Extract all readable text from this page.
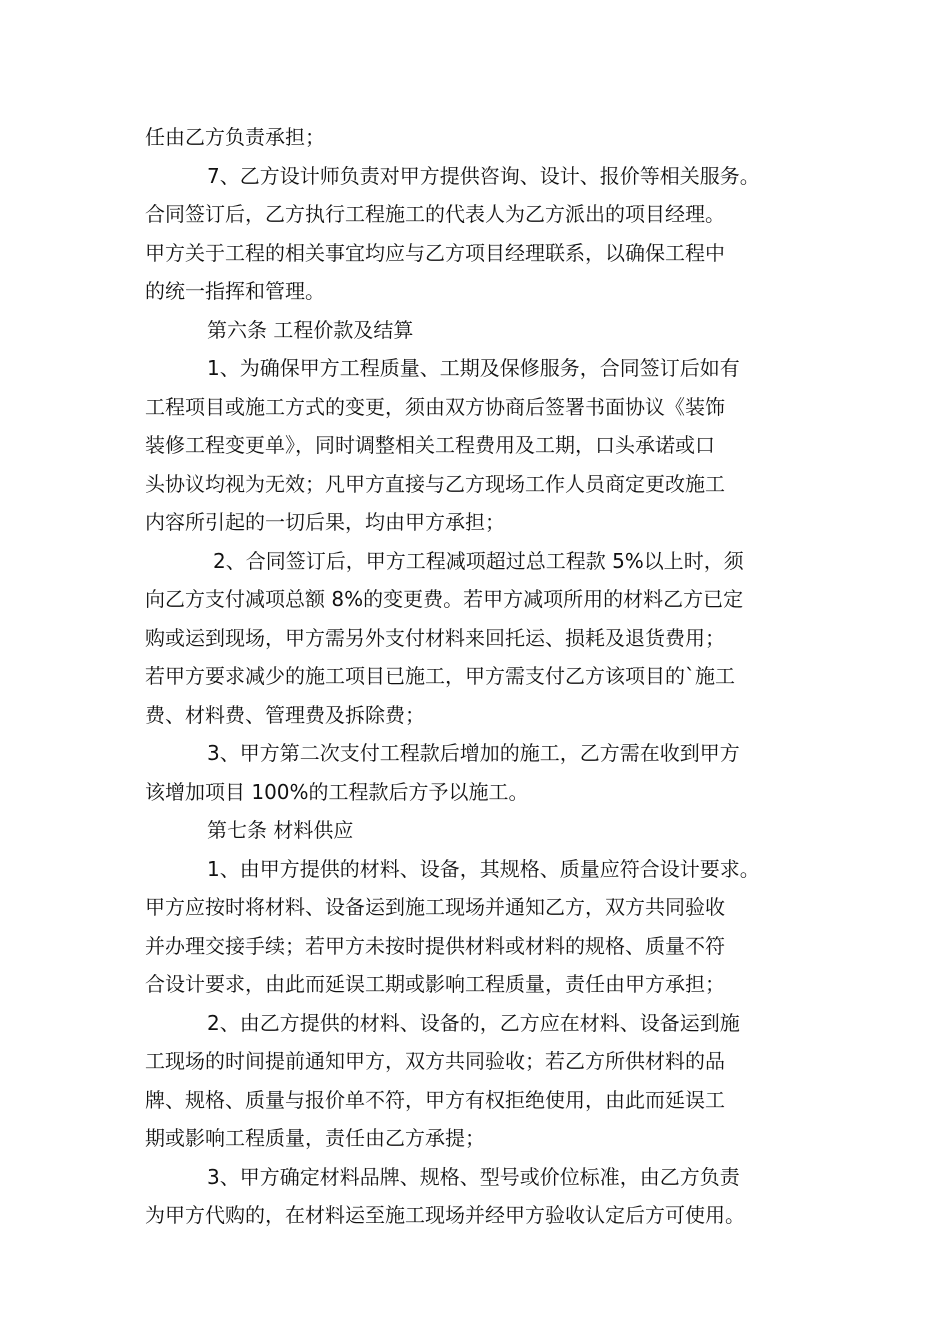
任由乙方负责承担；
7、乙方设计师负责对甲方提供咨询、设计、报价等相关服务。
合同签订后，乙方执行工程施工的代表人为乙方派出的项目经理。
甲方关于工程的相关事宜均应与乙方项目经理联系，以确保工程中
的统一指挥和管理。
第六条 工程价款及结算
1、为确保甲方工程质量、工期及保修服务，合同签订后如有
工程项目或施工方式的变更，须由双方协商后签署书面协议《装饰
装修工程变更单》，同时调整相关工程费用及工期，口头承诺或口
头协议均视为无效；凡甲方直接与乙方现场工作人员商定更改施工
内容所引起的一切后果，均由甲方承担；
2、合同签订后，甲方工程减项超过总工程款 5%以上时，须
向乙方支付减项总额 8%的变更费。若甲方减项所用的材料乙方已定
购或运到现场，甲方需另外支付材料来回托运、损耗及退货费用；
若甲方要求减少的施工项目已施工，甲方需支付乙方该项目的`施工
费、材料费、管理费及拆除费；
3、甲方第二次支付工程款后增加的施工，乙方需在收到甲方
该增加项目 100%的工程款后方予以施工。
第七条 材料供应
1、由甲方提供的材料、设备，其规格、质量应符合设计要求。
甲方应按时将材料、设备运到施工现场并通知乙方，双方共同验收
并办理交接手续；若甲方未按时提供材料或材料的规格、质量不符
合设计要求，由此而延误工期或影响工程质量，责任由甲方承担；
2、由乙方提供的材料、设备的，乙方应在材料、设备运到施
工现场的时间提前通知甲方，双方共同验收；若乙方所供材料的品
牌、规格、质量与报价单不符，甲方有权拒绝使用，由此而延误工
期或影响工程质量，责任由乙方承提；
3、甲方确定材料品牌、规格、型号或价位标准，由乙方负责
为甲方代购的，在材料运至施工现场并经甲方验收认定后方可使用。
